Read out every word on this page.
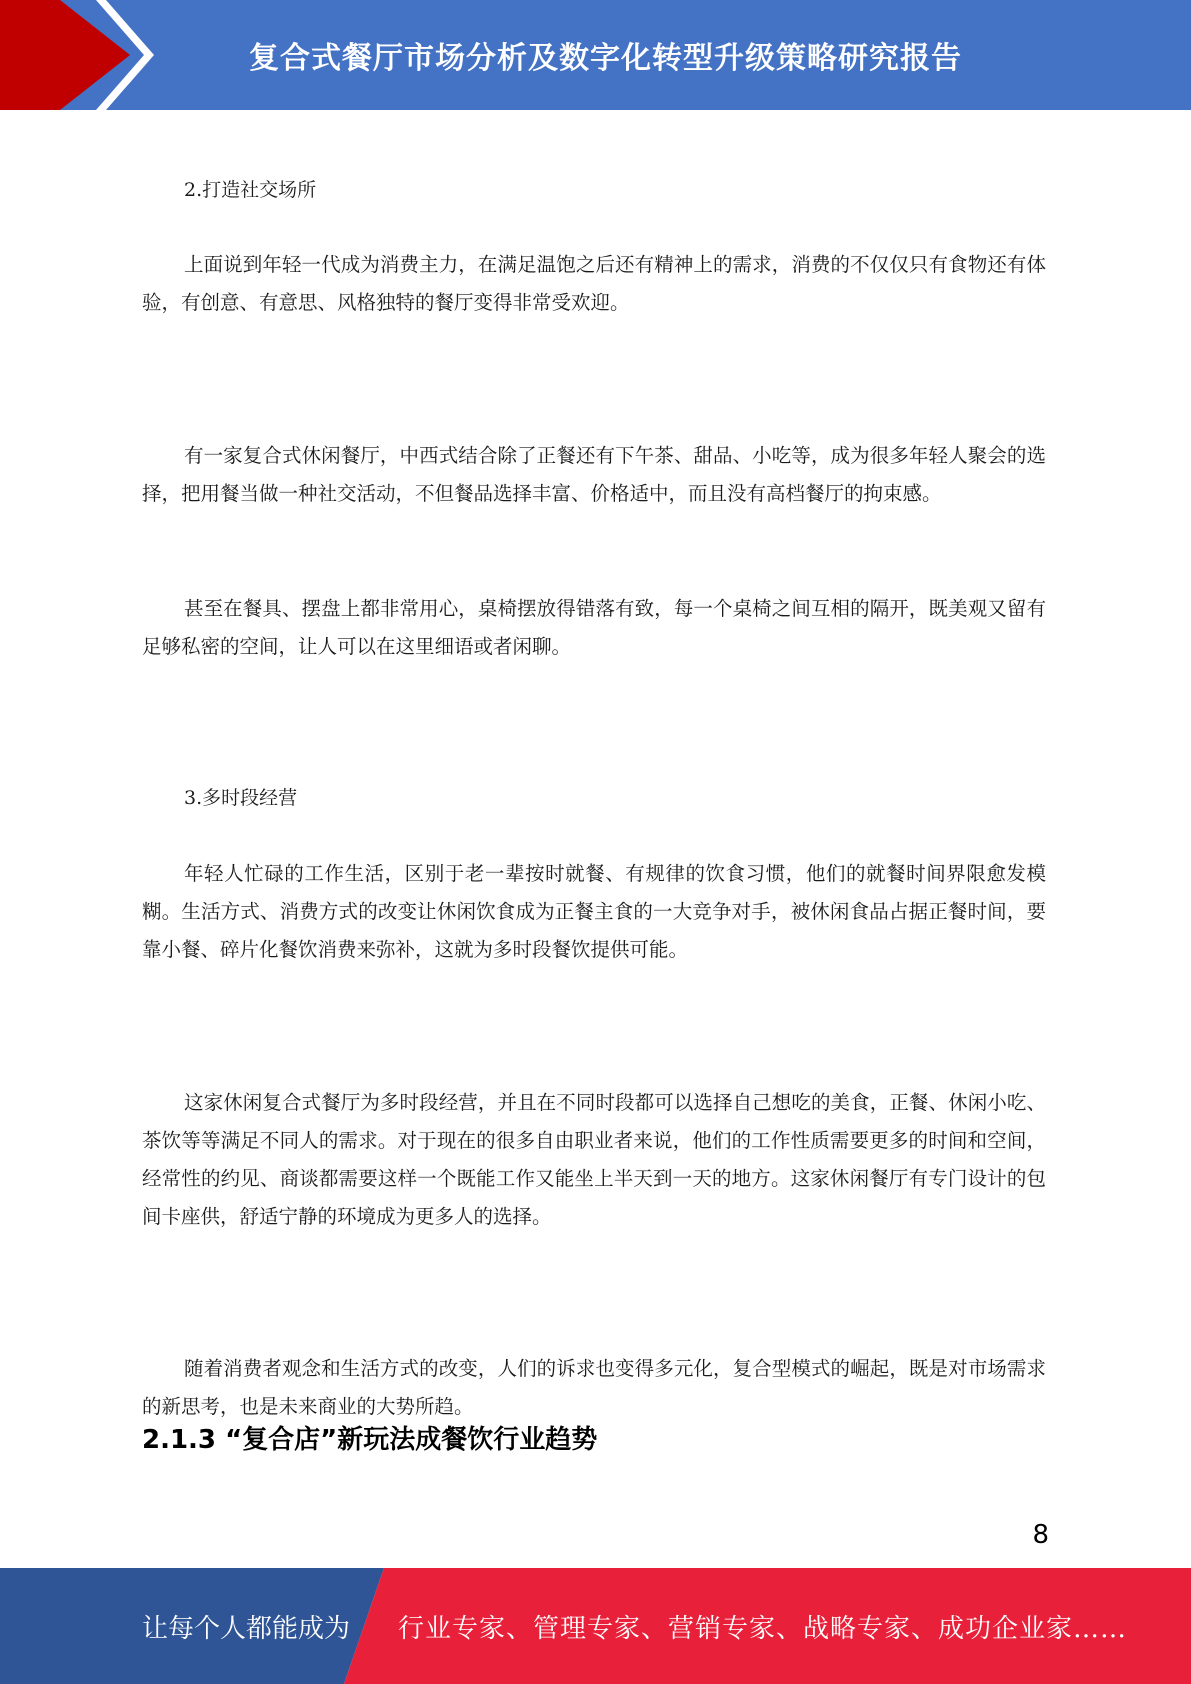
复合式餐厅市场分析及数字化转型升级策略研究报告

2.打造社交场所

上面说到年轻一代成为消费主力，在满足温饱之后还有精神上的需求，消费的不仅仅只有食物还有体验，有创意、有意思、风格独特的餐厅变得非常受欢迎。

有一家复合式休闲餐厅，中西式结合除了正餐还有下午茶、甜品、小吃等，成为很多年轻人聚会的选择，把用餐当做一种社交活动，不但餐品选择丰富、价格适中，而且没有高档餐厅的拘束感。

甚至在餐具、摆盘上都非常用心，桌椅摆放得错落有致，每一个桌椅之间互相的隔开，既美观又留有足够私密的空间，让人可以在这里细语或者闲聊。

3.多时段经营

年轻人忙碌的工作生活，区别于老一辈按时就餐、有规律的饮食习惯，他们的就餐时间界限愈发模糊。生活方式、消费方式的改变让休闲饮食成为正餐主食的一大竞争对手，被休闲食品占据正餐时间，要靠小餐、碎片化餐饮消费来弥补，这就为多时段餐饮提供可能。

这家休闲复合式餐厅为多时段经营，并且在不同时段都可以选择自己想吃的美食，正餐、休闲小吃、茶饮等等满足不同人的需求。对于现在的很多自由职业者来说，他们的工作性质需要更多的时间和空间，经常性的约见、商谈都需要这样一个既能工作又能坐上半天到一天的地方。这家休闲餐厅有专门设计的包间卡座供，舒适宁静的环境成为更多人的选择。

随着消费者观念和生活方式的改变，人们的诉求也变得多元化，复合型模式的崛起，既是对市场需求的新思考，也是未来商业的大势所趋。

2.1.3 “复合店”新玩法成餐饮行业趋势
8
让每个人都能成为 行业专家、管理专家、营销专家、战略专家、成功企业家……
